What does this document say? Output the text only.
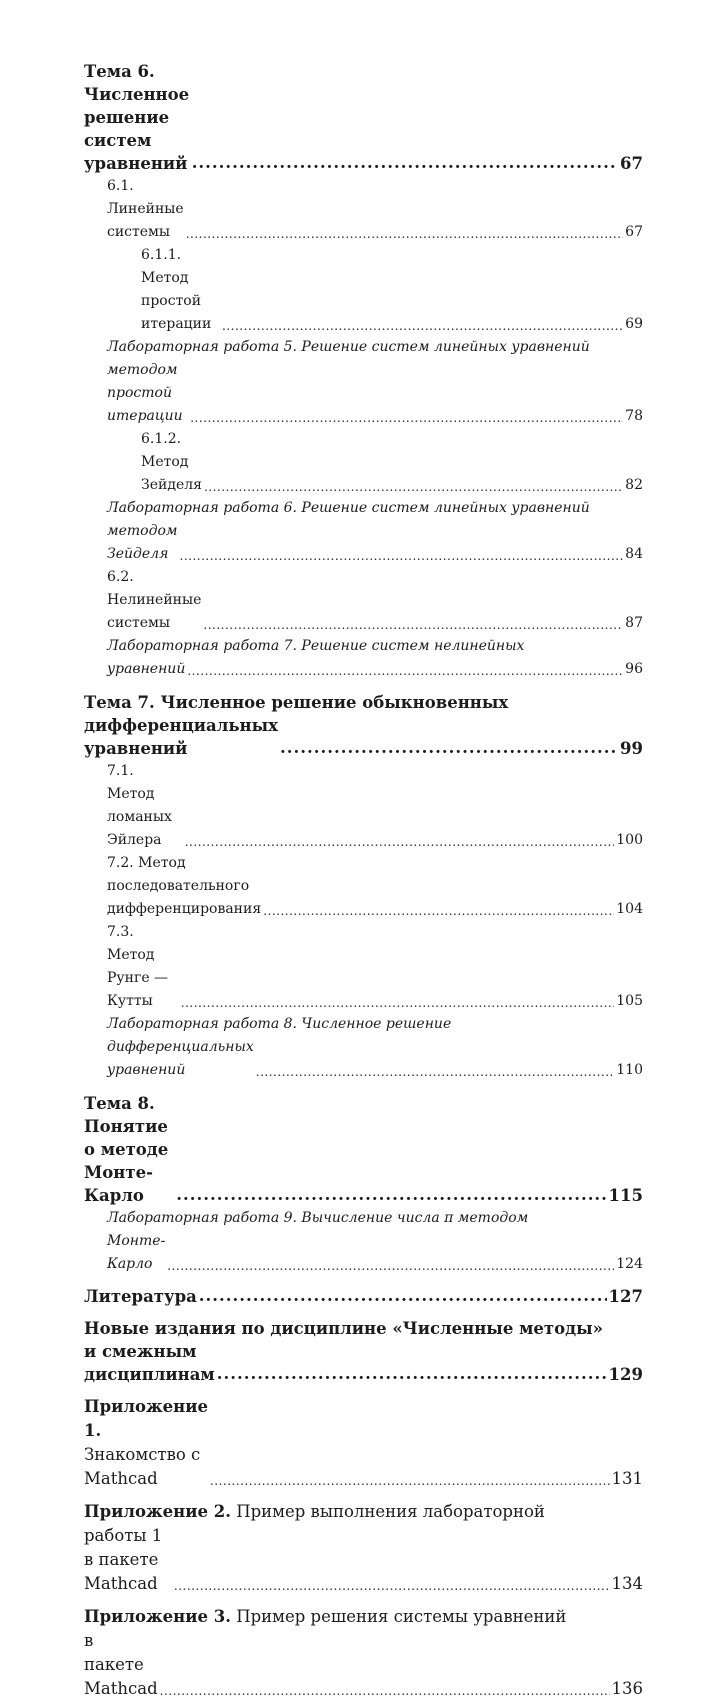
Тема 6. Численное решение систем уравнений .....	67
6.1. Линейные системы .....	67
6.1.1. Метод простой итерации .....	69
Лабораторная работа 5. Решение систем линейных уравнений
методом простой итерации .....	78
6.1.2. Метод Зейделя .....	82
Лабораторная работа 6. Решение систем линейных уравнений
методом Зейделя .....	84
6.2. Нелинейные системы .....	87
Лабораторная работа 7. Решение систем нелинейных
уравнений .....	96
Тема 7. Численное решение обыкновенных
дифференциальных уравнений .....	99
7.1. Метод ломаных Эйлера .....	100
7.2. Метод последовательного дифференцирования .....	104
7.3. Метод Рунге — Кутты .....	105
Лабораторная работа 8. Численное решение
дифференциальных уравнений .....	110
Тема 8. Понятие о методе Монте-Карло .....	115
Лабораторная работа 9. Вычисление числа π методом
Монте-Карло .....	124
Литература .....	127
Новые издания по дисциплине «Численные методы»
и смежным дисциплинам .....	129
Приложение 1. Знакомство с Mathcad .....	131
Приложение 2. Пример выполнения лабораторной
работы 1 в пакете Mathcad .....	134
Приложение 3. Пример решения системы уравнений
в пакете Mathcad .....	136
